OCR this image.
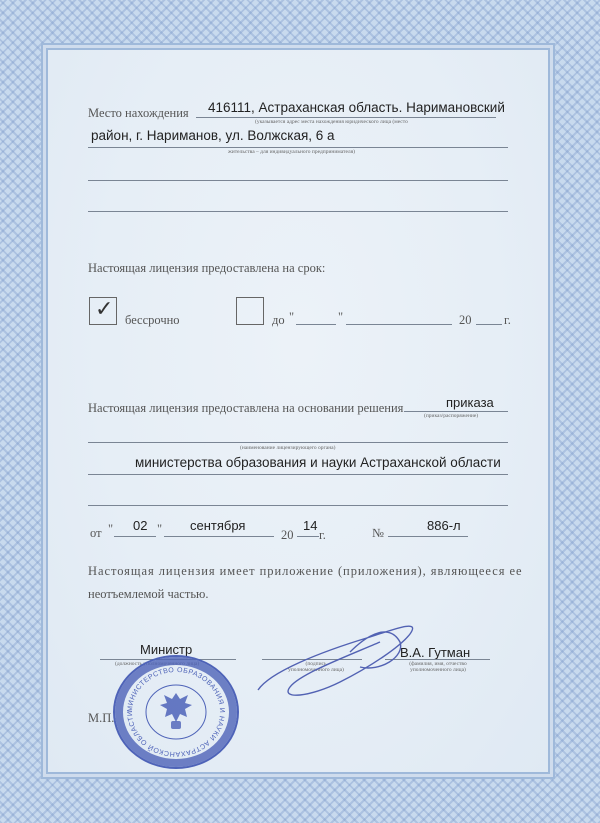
Место нахождения 416111, Астраханская область. Наримановский
(указывается адрес места нахождения юридического лица (место
район, г. Нариманов, ул. Волжская, 6 а
жительства – для индивидуального предпринимателя)
Настоящая лицензия предоставлена на срок:
✓ бессрочно	до "	"	20	г.
Настоящая лицензия предоставлена на основании решения	приказа
(приказ/распоряжение)
(наименование лицензирующего органа)
министерства образования и науки Астраханской области
от " 02 " сентября
20
14
г.	№	886-л
Настоящая лицензия имеет приложение (приложения), являющееся ее
неотъемлемой частью.
Министр
(должность уполномоченного лица)	(подпись уполномоченного лица)
В.А. Гутман
(фамилия, имя, отчество уполномоченного лица)
М.П.
МИНИСТЕРСТВО ОБРАЗОВАНИЯ И НАУКИ АСТРАХАНСКОЙ ОБЛАСТИ
